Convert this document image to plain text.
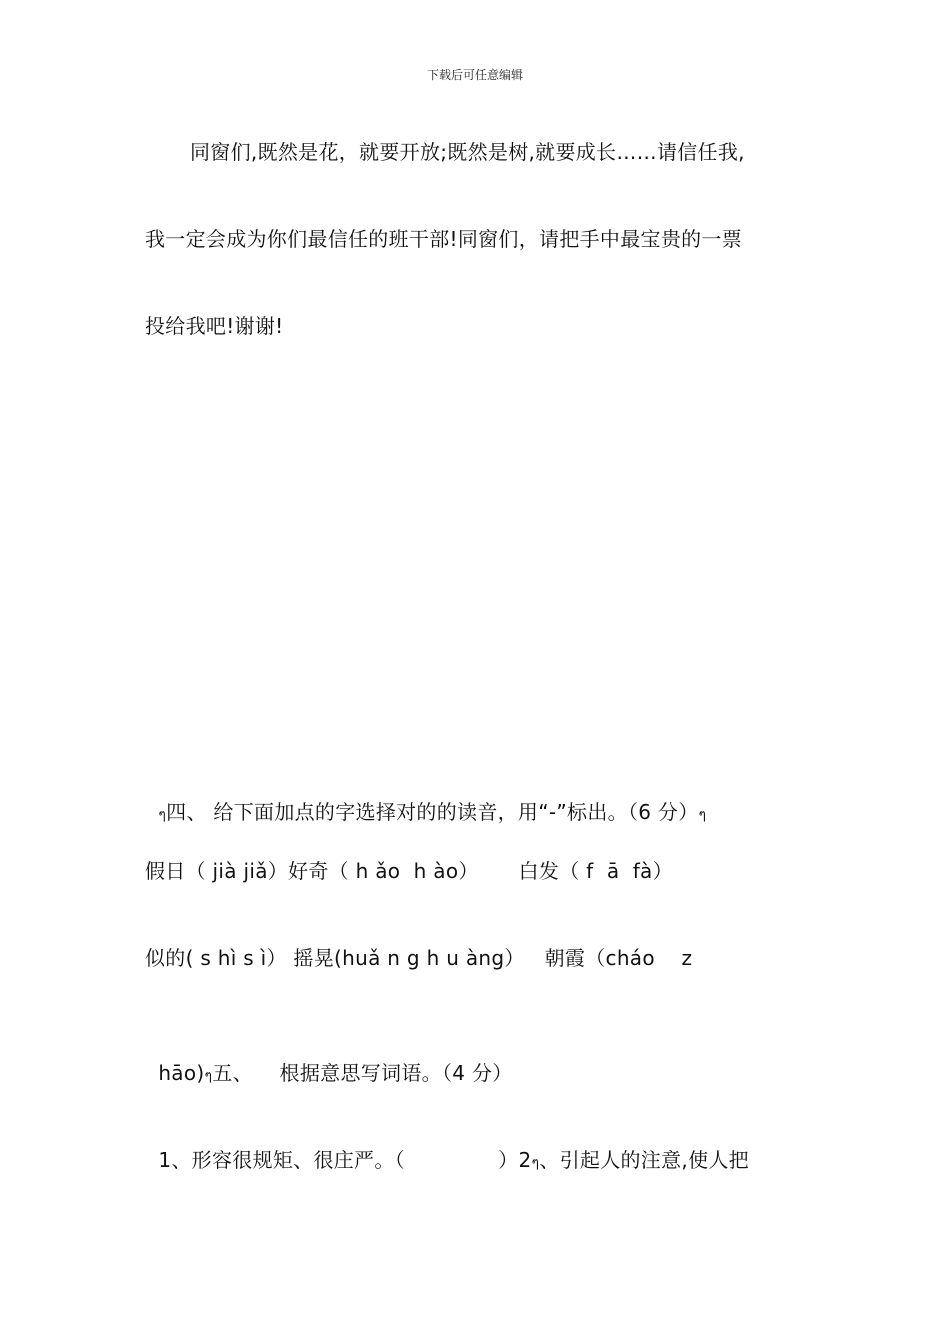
下载后可任意编辑
同窗们,既然是花，就要开放;既然是树,就要成长……请信任我,
我一定会成为你们最信任的班干部!同窗们，请把手中最宝贵的一票
投给我吧!谢谢!

ๆ四、 给下面加点的字选择对的的读音，用“-”标出。（6 分）ๆ

假日（ jià jiǎ）好奇（ h ǎo  h ào）      白发（ f  ā  fà）
似的( s hì s ì） 摇晃(huǎ n g h u àng）   朝霞（cháo    z

hāo)ๆ五、    根据意思写词语。（4 分）

1、形容很规矩、很庄严。（              ）2ๆ、引起人的注意,使人把
